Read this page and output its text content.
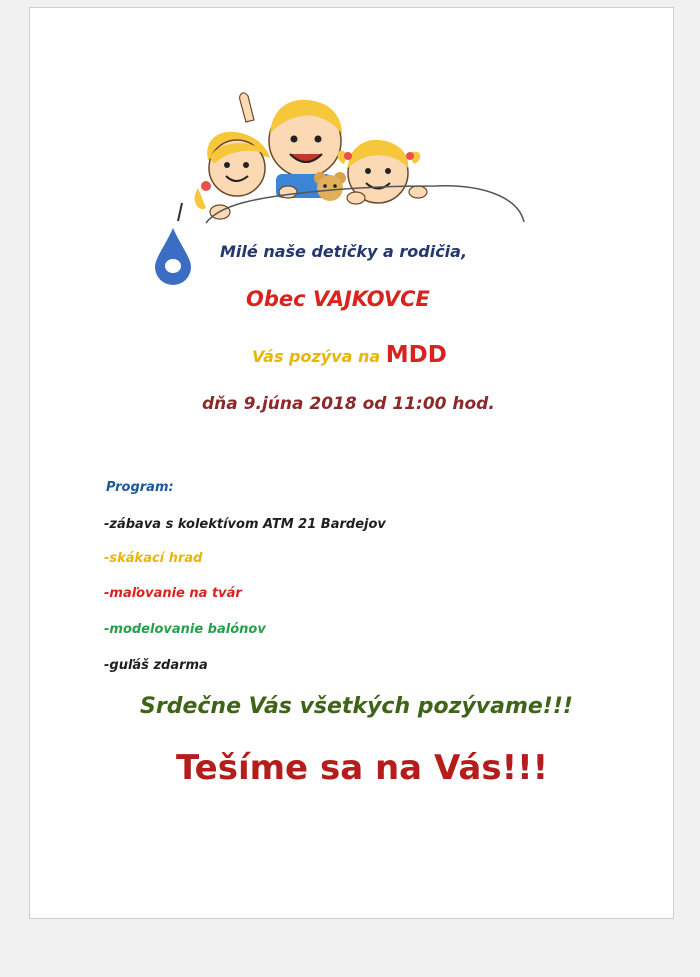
Milé naše detičky a rodičia,
Obec VAJKOVCE
Vás pozýva na MDD
dňa 9.júna 2018 od 11:00 hod.
Program:
-zábava s kolektívom ATM 21 Bardejov
-skákací hrad
-maľovanie na tvár
-modelovanie balónov
-guľáš zdarma
Srdečne Vás všetkých pozývame!!!
Tešíme sa na Vás!!!
